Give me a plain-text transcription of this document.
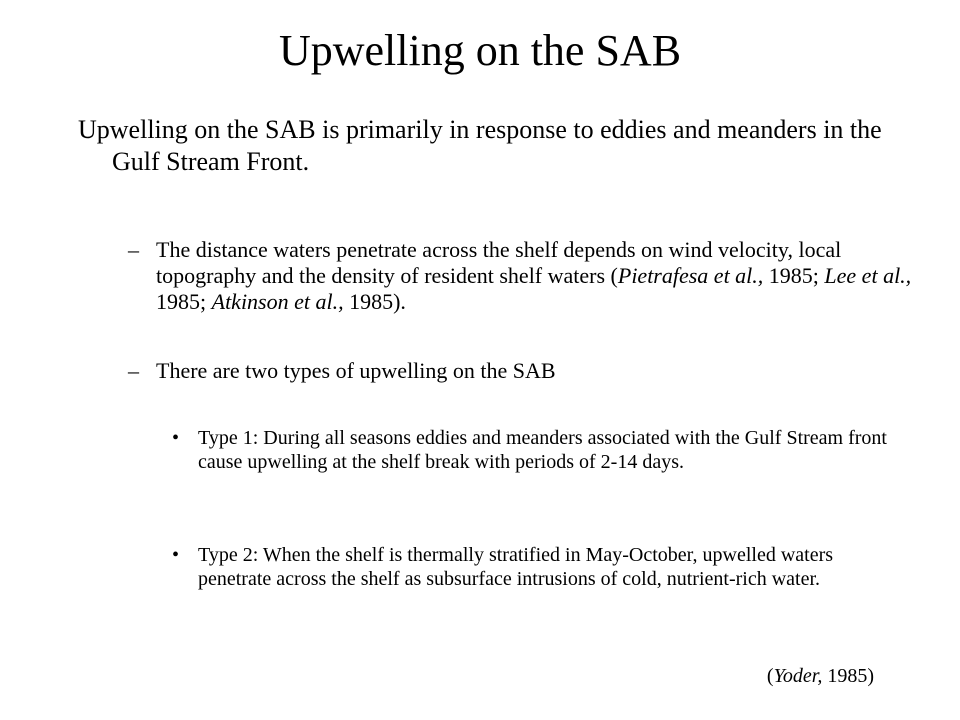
Upwelling on the SAB
Upwelling on the SAB is primarily in response to eddies and meanders in the Gulf Stream Front.
– The distance waters penetrate across the shelf depends on wind velocity, local topography and the density of resident shelf waters (Pietrafesa et al., 1985; Lee et al., 1985; Atkinson et al., 1985).
– There are two types of upwelling on the SAB
• Type 1: During all seasons eddies and meanders associated with the Gulf Stream front cause upwelling at the shelf break with periods of 2-14 days.
• Type 2: When the shelf is thermally stratified in May-October, upwelled waters penetrate across the shelf as subsurface intrusions of cold, nutrient-rich water.
(Yoder, 1985)
